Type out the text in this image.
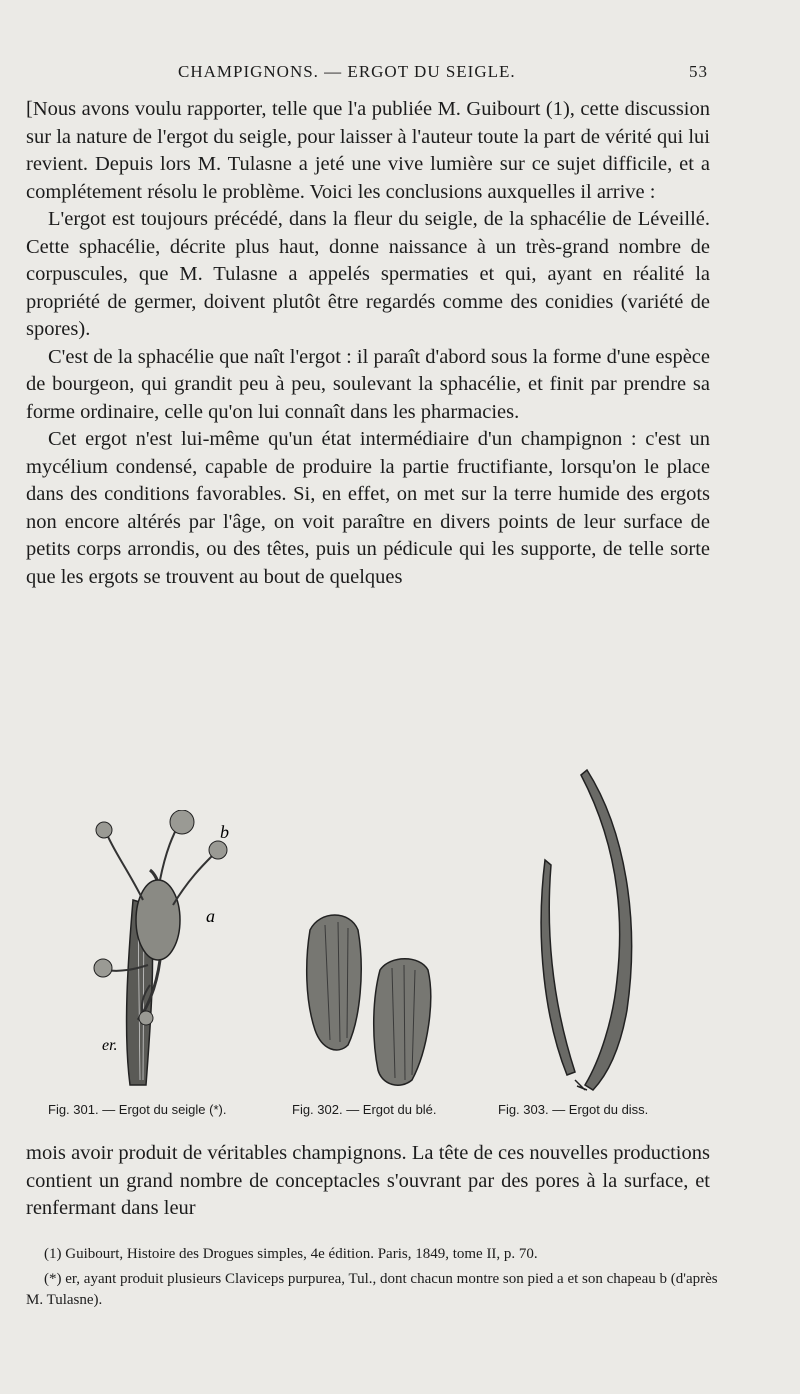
CHAMPIGNONS. — ERGOT DU SEIGLE.	53

[Nous avons voulu rapporter, telle que l'a publiée M. Guibourt (1), cette discussion sur la nature de l'ergot du seigle, pour laisser à l'auteur toute la part de vérité qui lui revient. Depuis lors M. Tulasne a jeté une vive lumière sur ce sujet difficile, et a complétement résolu le problème. Voici les conclusions auxquelles il arrive :

L'ergot est toujours précédé, dans la fleur du seigle, de la sphacélie de Léveillé. Cette sphacélie, décrite plus haut, donne naissance à un très-grand nombre de corpuscules, que M. Tulasne a appelés spermaties et qui, ayant en réalité la propriété de germer, doivent plutôt être regardés comme des conidies (variété de spores).

C'est de la sphacélie que naît l'ergot : il paraît d'abord sous la forme d'une espèce de bourgeon, qui grandit peu à peu, soulevant la sphacélie, et finit par prendre sa forme ordinaire, celle qu'on lui connaît dans les pharmacies.

Cet ergot n'est lui-même qu'un état intermédiaire d'un champignon : c'est un mycélium condensé, capable de produire la partie fructifiante, lorsqu'on le place dans des conditions favorables. Si, en effet, on met sur la terre humide des ergots non encore altérés par l'âge, on voit paraître en divers points de leur surface de petits corps arrondis, ou des têtes, puis un pédicule qui les supporte, de telle sorte que les ergots se trouvent au bout de quelques

b
a
er.
Fig. 301. — Ergot du seigle (*).	Fig. 302. — Ergot du blé.	Fig. 303. — Ergot du diss.
mois avoir produit de véritables champignons. La tête de ces nouvelles productions contient un grand nombre de conceptacles s'ouvrant par des pores à la surface, et renfermant dans leur

(1) Guibourt, Histoire des Drogues simples, 4e édition. Paris, 1849, tome II, p. 70.

(*) er, ayant produit plusieurs Claviceps purpurea, Tul., dont chacun montre son pied a et son chapeau b (d'après M. Tulasne).
